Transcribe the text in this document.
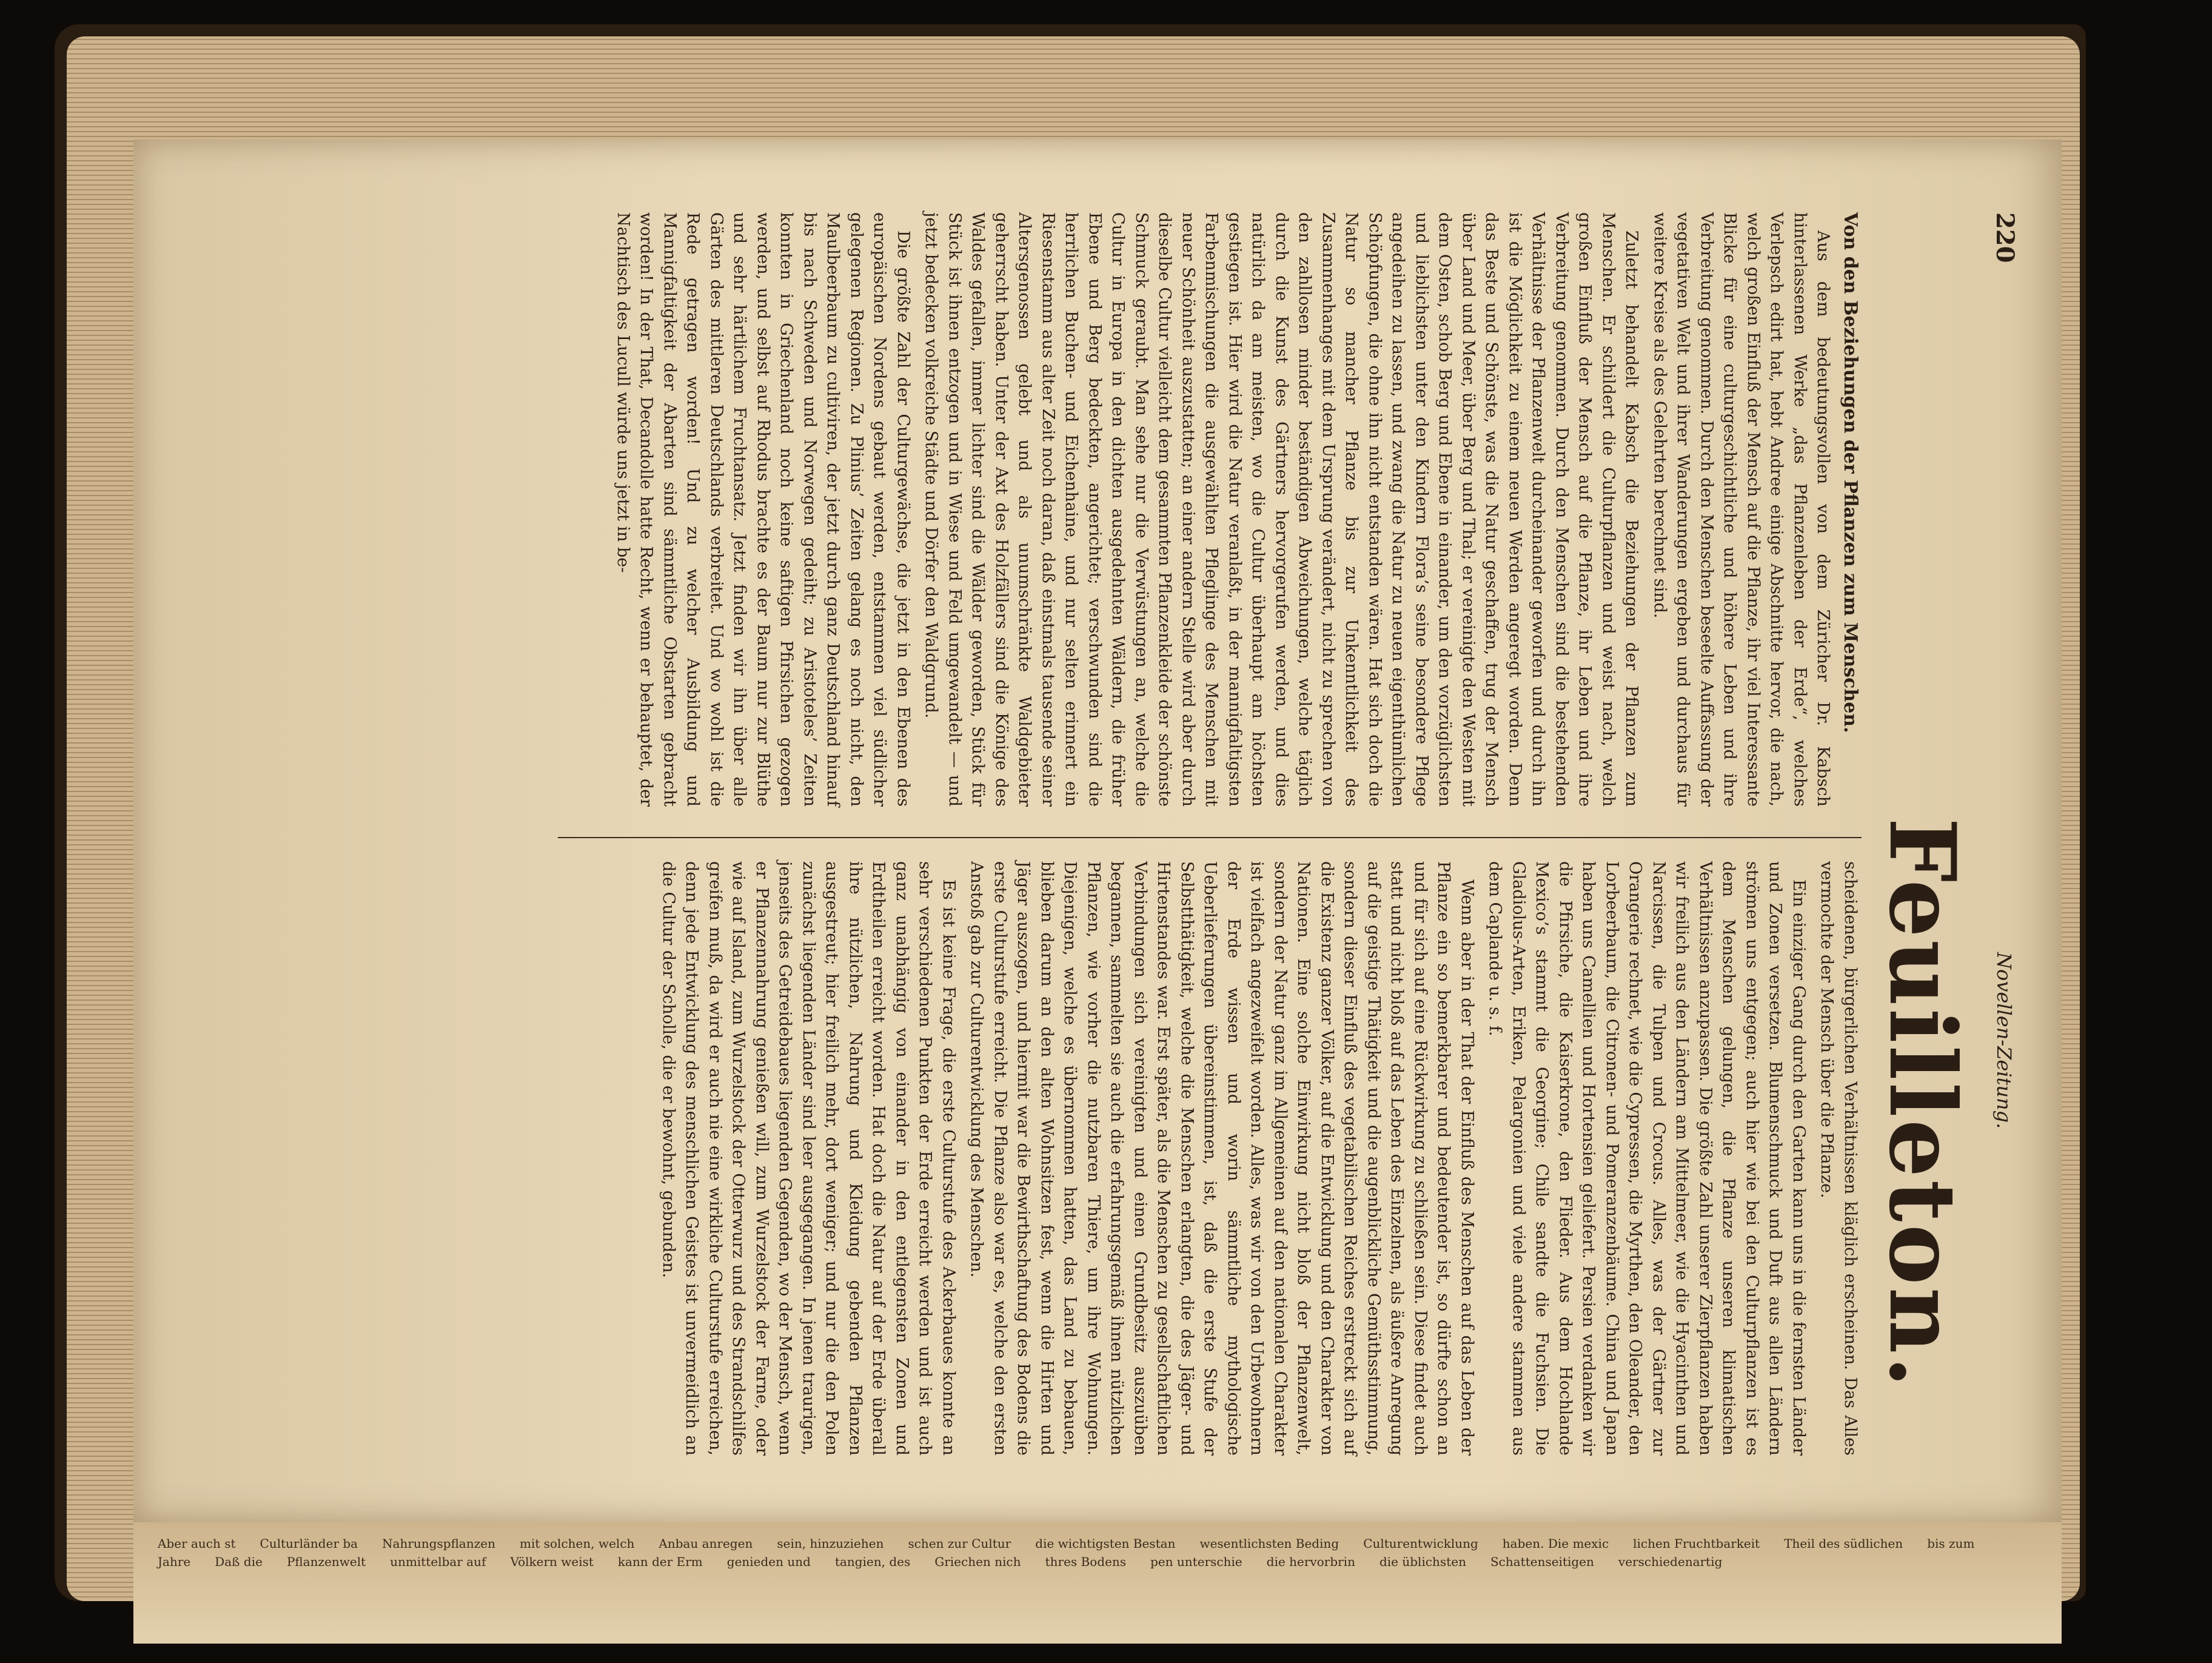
220
Novellen-Zeitung.
Feuilleton.
Von den Beziehungen der Pflanzen zum Menschen.

Aus dem bedeutungsvollen von dem Züricher Dr. Kabsch hinterlassenen Werke „das Pflanzenleben der Erde“, welches Verlepsch edirt hat, hebt Andree einige Abschnitte hervor, die nach, welch großen Einfluß der Mensch auf die Pflanze, ihr viel Interessante Blicke für eine culturgeschichtliche und höhere Leben und ihre Verbreitung genommen. Durch den Menschen beseelte Auffassung der vegetativen Welt und ihrer Wanderungen ergeben und durchaus für weitere Kreise als des Gelehrten berechnet sind.

Zuletzt behandelt Kabsch die Beziehungen der Pflanzen zum Menschen. Er schildert die Culturpflanzen und weist nach, welch großen Einfluß der Mensch auf die Pflanze, ihr Leben und ihre Verbreitung genommen. Durch den Menschen sind die bestehenden Verhältnisse der Pflanzenwelt durcheinander geworfen und durch ihn ist die Möglichkeit zu einem neuen Werden angeregt worden. Denn das Beste und Schönste, was die Natur geschaffen, trug der Mensch über Land und Meer, über Berg und Thal; er vereinigte den Westen mit dem Osten, schob Berg und Ebene in einander, um den vorzüglichsten und lieblichsten unter den Kindern Flora’s seine besondere Pflege angedeihen zu lassen, und zwang die Natur zu neuen eigenthümlichen Schöpfungen, die ohne ihn nicht entstanden wären. Hat sich doch die Natur so mancher Pflanze bis zur Unkenntlichkeit des Zusammenhanges mit dem Ursprung verändert, nicht zu sprechen von den zahllosen minder beständigen Abweichungen, welche täglich durch die Kunst des Gärtners hervorgerufen werden, und dies natürlich da am meisten, wo die Cultur überhaupt am höchsten gestiegen ist. Hier wird die Natur veranlaßt, in der mannigfaltigsten Farbenmischungen die ausgewählten Pfleglinge des Menschen mit neuer Schönheit auszustatten; an einer andern Stelle wird aber durch dieselbe Cultur vielleicht dem gesammten Pflanzenkleide der schönste Schmuck geraubt. Man sehe nur die Verwüstungen an, welche die Cultur in Europa in den dichten ausgedehnten Wäldern, die früher Ebene und Berg bedeckten, angerichtet; verschwunden sind die herrlichen Buchen- und Eichenhaine, und nur selten erinnert ein Riesenstamm aus alter Zeit noch daran, daß einstmals tausende seiner Altersgenossen gelebt und als unumschränkte Waldgebieter geherrscht haben. Unter der Axt des Holzfällers sind die Könige des Waldes gefallen, immer lichter sind die Wälder geworden, Stück für Stück ist ihnen entzogen und in Wiese und Feld umgewandelt — und jetzt bedecken volkreiche Städte und Dörfer den Waldgrund.

Die größte Zahl der Culturgewächse, die jetzt in den Ebenen des europäischen Nordens gebaut werden, entstammen viel südlicher gelegenen Regionen. Zu Plinius’ Zeiten gelang es noch nicht, den Maulbeerbaum zu cultiviren, der jetzt durch ganz Deutschland hinauf bis nach Schweden und Norwegen gedeiht; zu Aristoteles’ Zeiten konnten in Griechenland noch keine saftigen Pfirsichen gezogen werden, und selbst auf Rhodus brachte es der Baum nur zur Blüthe und sehr härtlichem Fruchtansatz. Jetzt finden wir ihn über alle Gärten des mittleren Deutschlands verbreitet. Und wo wohl ist die Rede getragen worden! Und zu welcher Ausbildung und Mannigfaltigkeit der Abarten sind sämmtliche Obstarten gebracht worden! In der That, Decandolle hatte Recht, wenn er behauptet, der Nachtisch des Lucull würde uns jetzt in be-

scheidenen, bürgerlichen Verhältnissen kläglich erscheinen. Das Alles vermochte der Mensch über die Pflanze.

Ein einziger Gang durch den Garten kann uns in die fernsten Länder und Zonen versetzen. Blumenschmuck und Duft aus allen Ländern strömen uns entgegen; auch hier wie bei den Culturpflanzen ist es dem Menschen gelungen, die Pflanze unseren klimatischen Verhältnissen anzupassen. Die größte Zahl unserer Zierpflanzen haben wir freilich aus den Ländern am Mittelmeer, wie die Hyacinthen und Narcissen, die Tulpen und Crocus. Alles, was der Gärtner zur Orangerie rechnet, wie die Cypressen, die Myrthen, den Oleander, den Lorbeerbaum, die Citronen- und Pomeranzenbäume. China und Japan haben uns Camellien und Hortensien geliefert. Persien verdanken wir die Pfirsiche, die Kaiserkrone, den Flieder. Aus dem Hochlande Mexico’s stammt die Georgine; Chile sandte die Fuchsien. Die Gladiolus-Arten, Eriken, Pelargonien und viele andere stammen aus dem Caplande u. s. f.

Wenn aber in der That der Einfluß des Menschen auf das Leben der Pflanze ein so bemerkbarer und bedeutender ist, so dürfte schon an und für sich auf eine Rückwirkung zu schließen sein. Diese findet auch statt und nicht bloß auf das Leben des Einzelnen, als äußere Anregung auf die geistige Thätigkeit und die augenblickliche Gemüthsstimmung, sondern dieser Einfluß des vegetabilischen Reiches erstreckt sich auf die Existenz ganzer Völker, auf die Entwicklung und den Charakter von Nationen. Eine solche Einwirkung nicht bloß der Pflanzenwelt, sondern der Natur ganz im Allgemeinen auf den nationalen Charakter ist vielfach angezweifelt worden. Alles, was wir von den Urbewohnern der Erde wissen und worin sämmtliche mythologische Ueberlieferungen übereinstimmen, ist, daß die erste Stufe der Selbstthätigkeit, welche die Menschen erlangten, die des Jäger- und Hirtenstandes war. Erst später, als die Menschen zu gesellschaftlichen Verbindungen sich vereinigten und einen Grundbesitz auszuüben begannen, sammelten sie auch die erfahrungsgemäß ihnen nützlichen Pflanzen, wie vorher die nutzbaren Thiere, um ihre Wohnungen. Diejenigen, welche es übernommen hatten, das Land zu bebauen, blieben darum an den alten Wohnsitzen fest, wenn die Hirten und Jäger auszogen, und hiermit war die Bewirthschaftung des Bodens die erste Culturstufe erreicht. Die Pflanze also war es, welche den ersten Anstoß gab zur Culturentwicklung des Menschen.

Es ist keine Frage, die erste Culturstufe des Ackerbaues konnte an sehr verschiedenen Punkten der Erde erreicht werden und ist auch ganz unabhängig von einander in den entlegensten Zonen und Erdtheilen erreicht worden. Hat doch die Natur auf der Erde überall ihre nützlichen, Nahrung und Kleidung gebenden Pflanzen ausgestreut; hier freilich mehr, dort weniger; und nur die den Polen zunächst liegenden Länder sind leer ausgegangen. In jenen traurigen, jenseits des Getreidebaues liegenden Gegenden, wo der Mensch, wenn er Pflanzennahrung genießen will, zum Wurzelstock der Farne, oder wie auf Island, zum Wurzelstock der Otterwurz und des Strandschilfes greifen muß, da wird er auch nie eine wirkliche Culturstufe erreichen, denn jede Entwicklung des menschlichen Geistes ist unvermeidlich an die Cultur der Scholle, die er bewohnt, gebunden.

Aber auch st Culturländer ba Nahrungspflanzen mit solchen, welch Anbau anregen sein, hinzuziehen schen zur Cultur die wichtigsten Bestan wesentlichsten Beding Culturentwicklung haben. Die mexic lichen Fruchtbarkeit Theil des südlichen bis zum Jahre Daß die Pflanzenwelt unmittelbar auf Völkern weist kann der Erm genieden und tangien, des Griechen nich thres Bodens pen unterschie die hervorbrin die üblichsten Schattenseitigen verschiedenartig
